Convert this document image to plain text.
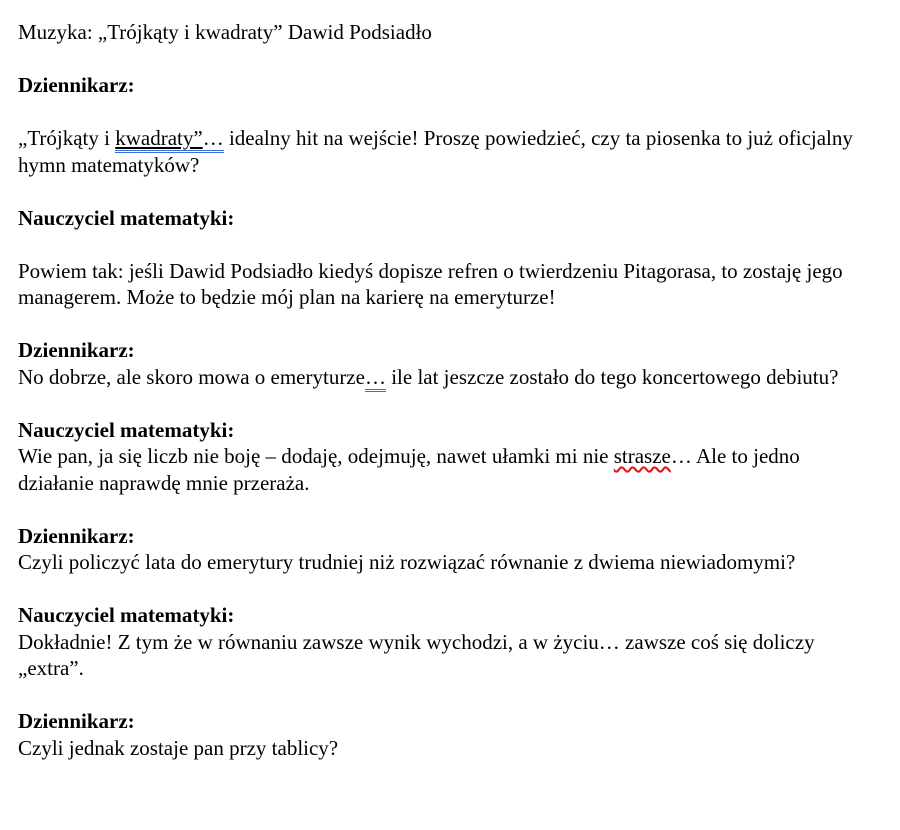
Muzyka: „Trójkąty i kwadraty” Dawid Podsiadło

Dziennikarz:

„Trójkąty i kwadraty”… idealny hit na wejście! Proszę powiedzieć, czy ta piosenka to już oficjalny hymn matematyków?

Nauczyciel matematyki:

Powiem tak: jeśli Dawid Podsiadło kiedyś dopisze refren o twierdzeniu Pitagorasa, to zostaję jego managerem. Może to będzie mój plan na karierę na emeryturze!

Dziennikarz:

No dobrze, ale skoro mowa o emeryturze… ile lat jeszcze zostało do tego koncertowego debiutu?

Nauczyciel matematyki:

Wie pan, ja się liczb nie boję – dodaję, odejmuję, nawet ułamki mi nie strasze… Ale to jedno działanie naprawdę mnie przeraża.

Dziennikarz:

Czyli policzyć lata do emerytury trudniej niż rozwiązać równanie z dwiema niewiadomymi?

Nauczyciel matematyki:

Dokładnie! Z tym że w równaniu zawsze wynik wychodzi, a w życiu… zawsze coś się doliczy „extra”.

Dziennikarz:

Czyli jednak zostaje pan przy tablicy?
